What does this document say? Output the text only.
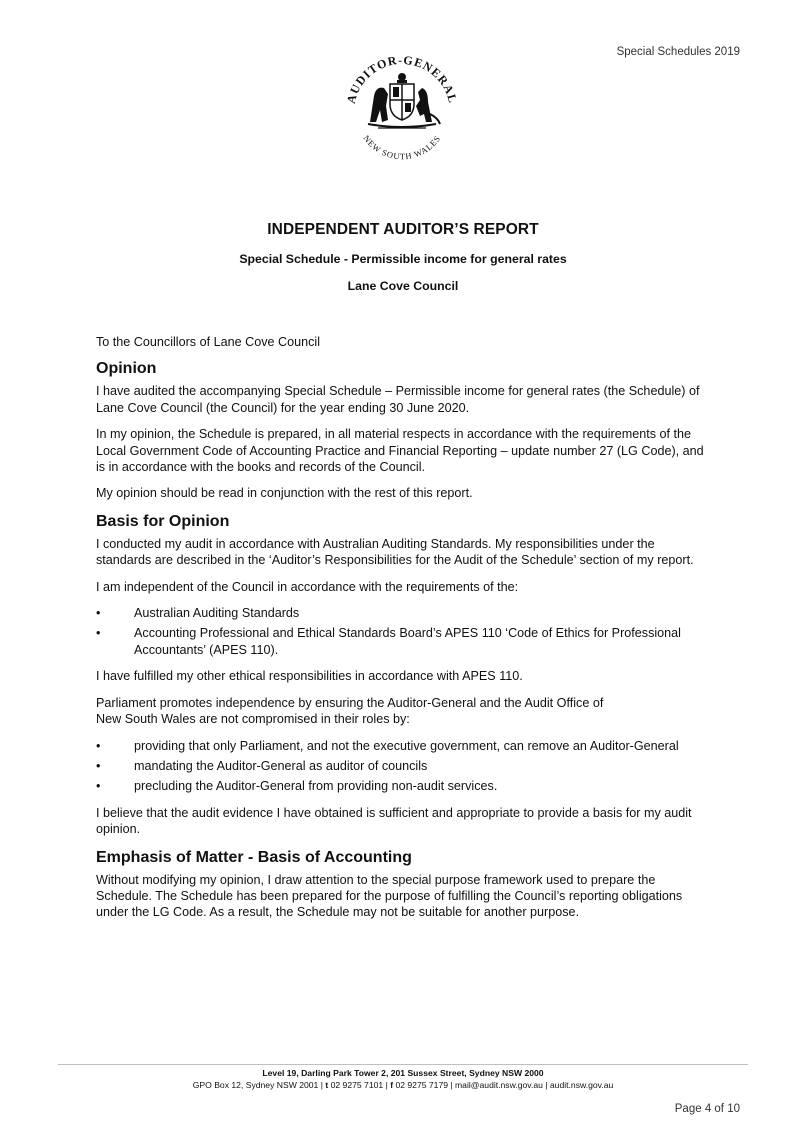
Special Schedules 2019
AUDITOR-GENERAL
NEW SOUTH WALES
INDEPENDENT AUDITOR’S REPORT
Special Schedule - Permissible income for general rates
Lane Cove Council

To the Councillors of Lane Cove Council

Opinion

I have audited the accompanying Special Schedule – Permissible income for general rates (the Schedule) of Lane Cove Council (the Council) for the year ending 30 June 2020.

In my opinion, the Schedule is prepared, in all material respects in accordance with the requirements of the Local Government Code of Accounting Practice and Financial Reporting – update number 27 (LG Code), and is in accordance with the books and records of the Council.

My opinion should be read in conjunction with the rest of this report.

Basis for Opinion

I conducted my audit in accordance with Australian Auditing Standards. My responsibilities under the standards are described in the ‘Auditor’s Responsibilities for the Audit of the Schedule’ section of my report.

I am independent of the Council in accordance with the requirements of the:

•	Australian Auditing Standards
•	Accounting Professional and Ethical Standards Board’s APES 110 ‘Code of Ethics for Professional Accountants’ (APES 110).

I have fulfilled my other ethical responsibilities in accordance with APES 110.

Parliament promotes independence by ensuring the Auditor-General and the Audit Office of
New South Wales are not compromised in their roles by:

•	providing that only Parliament, and not the executive government, can remove an Auditor-General
•	mandating the Auditor-General as auditor of councils
•	precluding the Auditor-General from providing non-audit services.

I believe that the audit evidence I have obtained is sufficient and appropriate to provide a basis for my audit opinion.

Emphasis of Matter - Basis of Accounting

Without modifying my opinion, I draw attention to the special purpose framework used to prepare the Schedule. The Schedule has been prepared for the purpose of fulfilling the Council’s reporting obligations under the LG Code. As a result, the Schedule may not be suitable for another purpose.

Level 19, Darling Park Tower 2, 201 Sussex Street, Sydney NSW 2000
GPO Box 12, Sydney NSW 2001 | t 02 9275 7101 | f 02 9275 7179 | mail@audit.nsw.gov.au | audit.nsw.gov.au
Page 4 of 10
